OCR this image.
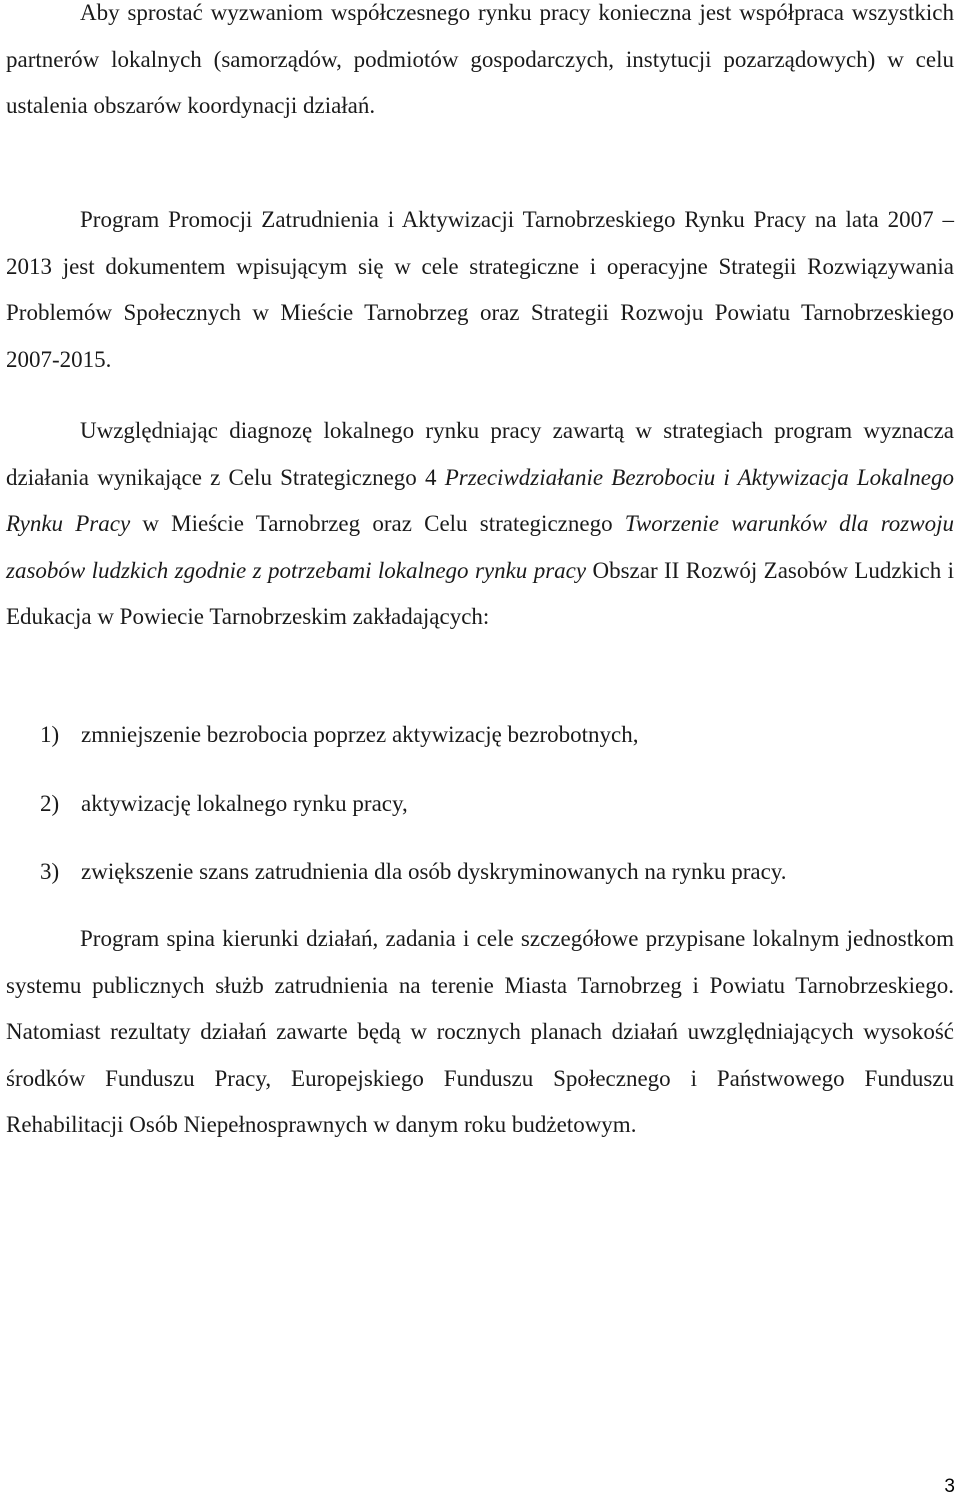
Aby sprostać wyzwaniom współczesnego rynku pracy konieczna jest współpraca wszystkich partnerów lokalnych (samorządów, podmiotów gospodarczych, instytucji pozarządowych) w celu ustalenia obszarów koordynacji działań.

Program Promocji Zatrudnienia i Aktywizacji Tarnobrzeskiego Rynku Pracy na lata 2007 – 2013 jest dokumentem wpisującym się w cele strategiczne i operacyjne Strategii Rozwiązywania Problemów Społecznych w Mieście Tarnobrzeg oraz Strategii Rozwoju Powiatu Tarnobrzeskiego 2007-2015.

Uwzględniając diagnozę lokalnego rynku pracy zawartą w strategiach program wyznacza działania wynikające z Celu Strategicznego 4 Przeciwdziałanie Bezrobociu i Aktywizacja Lokalnego Rynku Pracy w Mieście Tarnobrzeg oraz Celu strategicznego Tworzenie warunków dla rozwoju zasobów ludzkich zgodnie z potrzebami lokalnego rynku pracy Obszar II Rozwój Zasobów Ludzkich i Edukacja w Powiecie Tarnobrzeskim zakładających:

1) zmniejszenie bezrobocia poprzez aktywizację bezrobotnych,
2) aktywizację lokalnego rynku pracy,
3) zwiększenie szans zatrudnienia dla osób dyskryminowanych na rynku pracy.

Program spina kierunki działań, zadania i cele szczegółowe przypisane lokalnym jednostkom systemu publicznych służb zatrudnienia na terenie Miasta Tarnobrzeg i Powiatu Tarnobrzeskiego. Natomiast rezultaty działań zawarte będą w rocznych planach działań uwzględniających wysokość środków Funduszu Pracy, Europejskiego Funduszu Społecznego i Państwowego Funduszu Rehabilitacji Osób Niepełnosprawnych w danym roku budżetowym.

3
